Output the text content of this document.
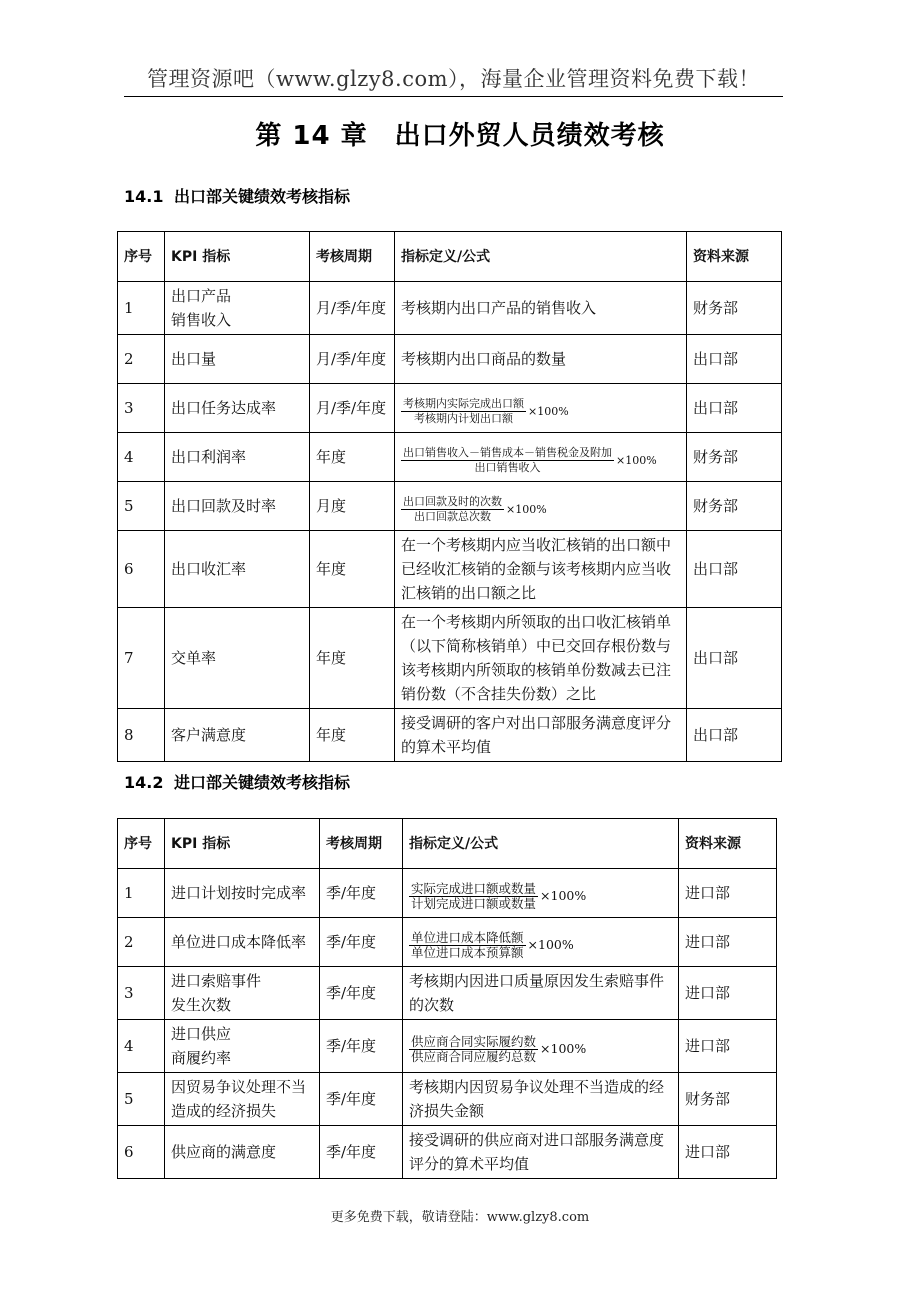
管理资源吧（www.glzy8.com），海量企业管理资料免费下载！
第 14 章　出口外贸人员绩效考核
14.1 出口部关键绩效考核指标
序号	KPI 指标	考核周期	指标定义/公式	资料来源
1	出口产品
销售收入	月/季/年度	考核期内出口产品的销售收入	财务部
2	出口量	月/季/年度	考核期内出口商品的数量	出口部
3	出口任务达成率	月/季/年度	考核期内实际完成出口额
考核期内计划出口额
×100%	出口部
4	出口利润率	年度	出口销售收入－销售成本－销售税金及附加
出口销售收入
×100%	财务部
5	出口回款及时率	月度	出口回款及时的次数
出口回款总次数
×100%	财务部
6	出口收汇率	年度	在一个考核期内应当收汇核销的出口额中已经收汇核销的金额与该考核期内应当收汇核销的出口额之比	出口部
7	交单率	年度	在一个考核期内所领取的出口收汇核销单（以下简称核销单）中已交回存根份数与该考核期内所领取的核销单份数减去已注销份数（不含挂失份数）之比	出口部
8	客户满意度	年度	接受调研的客户对出口部服务满意度评分的算术平均值	出口部
14.2 进口部关键绩效考核指标
序号	KPI 指标	考核周期	指标定义/公式	资料来源
1	进口计划按时完成率	季/年度	实际完成进口额或数量
计划完成进口额或数量 ×100%	进口部
2	单位进口成本降低率	季/年度	单位进口成本降低额
单位进口成本预算额 ×100%	进口部
3	进口索赔事件
发生次数	季/年度	考核期内因进口质量原因发生索赔事件的次数	进口部
4	进口供应
商履约率	季/年度	供应商合同实际履约数
供应商合同应履约总数 ×100%	进口部
5	因贸易争议处理不当造成的经济损失	季/年度	考核期内因贸易争议处理不当造成的经济损失金额	财务部
6	供应商的满意度	季/年度	接受调研的供应商对进口部服务满意度评分的算术平均值	进口部
更多免费下载，敬请登陆：www.glzy8.com
